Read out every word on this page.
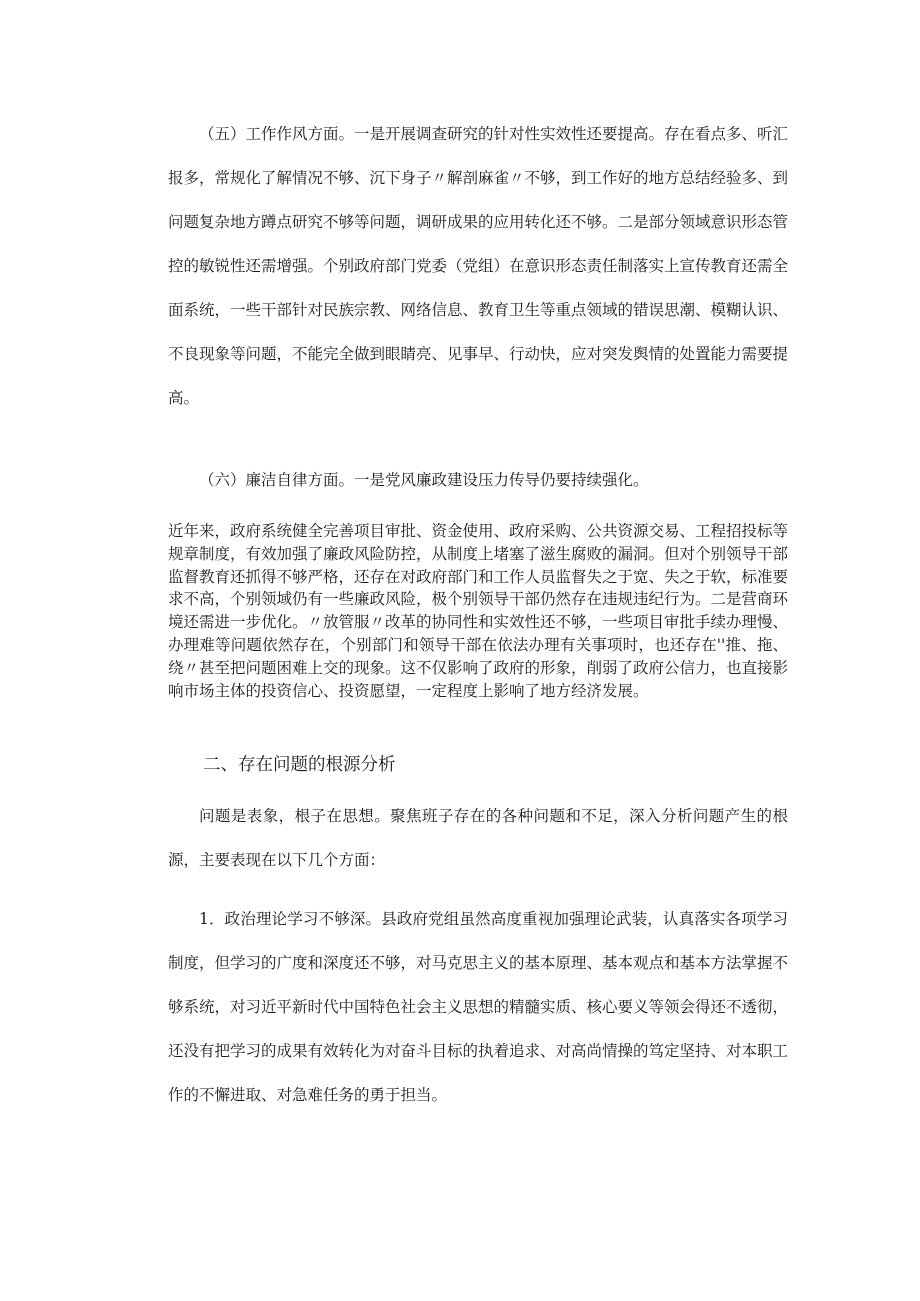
（五）工作作风方面。一是开展调查研究的针对性实效性还要提高。存在看点多、听汇报多，常规化了解情况不够、沉下身子〃解剖麻雀〃不够，到工作好的地方总结经验多、到问题复杂地方蹲点研究不够等问题，调研成果的应用转化还不够。二是部分领域意识形态管控的敏锐性还需增强。个别政府部门党委（党组）在意识形态责任制落实上宣传教育还需全面系统，一些干部针对民族宗教、网络信息、教育卫生等重点领域的错误思潮、模糊认识、不良现象等问题，不能完全做到眼睛亮、见事早、行动快，应对突发舆情的处置能力需要提高。

（六）廉洁自律方面。一是党风廉政建设压力传导仍要持续强化。

近年来，政府系统健全完善项目审批、资金使用、政府采购、公共资源交易、工程招投标等规章制度，有效加强了廉政风险防控，从制度上堵塞了滋生腐败的漏洞。但对个别领导干部监督教育还抓得不够严格，还存在对政府部门和工作人员监督失之于宽、失之于软，标准要求不高，个别领域仍有一些廉政风险，极个别领导干部仍然存在违规违纪行为。二是营商环境还需进一步优化。〃放管服〃改革的协同性和实效性还不够，一些项目审批手续办理慢、办理难等问题依然存在，个别部门和领导干部在依法办理有关事项时，也还存在''推、拖、绕〃甚至把问题困难上交的现象。这不仅影响了政府的形象，削弱了政府公信力，也直接影响市场主体的投资信心、投资愿望，一定程度上影响了地方经济发展。

二、存在问题的根源分析

问题是表象，根子在思想。聚焦班子存在的各种问题和不足，深入分析问题产生的根源，主要表现在以下几个方面：

1．政治理论学习不够深。县政府党组虽然高度重视加强理论武装，认真落实各项学习制度，但学习的广度和深度还不够，对马克思主义的基本原理、基本观点和基本方法掌握不够系统，对习近平新时代中国特色社会主义思想的精髓实质、核心要义等领会得还不透彻，还没有把学习的成果有效转化为对奋斗目标的执着追求、对高尚情操的笃定坚持、对本职工作的不懈进取、对急难任务的勇于担当。
